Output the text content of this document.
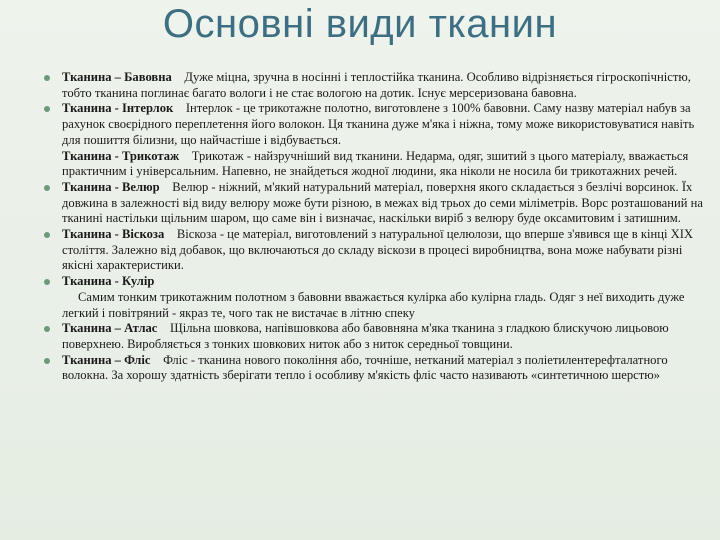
Основні види тканин

Тканина – Бавовна    Дуже міцна, зручна в носінні і теплостійка тканина. Особливо відрізняється гігроскопічністю, тобто тканина поглинає багато вологи і не стає вологою на дотик. Існує мерсеризована бавовна.

Тканина - Інтерлок    Інтерлок - це трикотажне полотно, виготовлене з 100% бавовни. Саму назву матеріал набув за рахунок своєрідного переплетення його волокон. Ця тканина дуже м'яка і ніжна, тому може використовуватися навіть для пошиття білизни, що найчастіше і відбувається.

Тканина - Трикотаж    Трикотаж - найзручніший вид тканини. Недарма, одяг, зшитий з цього матеріалу, вважається практичним і універсальним. Напевно, не знайдеться жодної людини, яка ніколи не носила би трикотажних речей.

Тканина - Велюр    Велюр - ніжний, м'який натуральний матеріал, поверхня якого складається з безлічі ворсинок. Їх довжина в залежності від виду велюру може бути різною, в межах від трьох до семи міліметрів. Ворс розташований на тканині настільки щільним шаром, що саме він і визначає, наскільки виріб з велюру буде оксамитовим і затишним.

Тканина - Віскоза    Віскоза - це матеріал, виготовлений з натуральної целюлози, що вперше з'явився ще в кінці XIX століття. Залежно від добавок, що включаються до складу віскози в процесі виробництва, вона може набувати різні якісні характеристики.

Тканина - Кулір
Самим тонким трикотажним полотном з бавовни вважається кулірка або кулірна гладь. Одяг з неї виходить дуже легкий і повітряний - якраз те, чого так не вистачає в літню спеку

Тканина – Атлас    Щільна шовкова, напівшовкова або бавовняна м'яка тканина з гладкою блискучою лицьовою поверхнею. Виробляється з тонких шовкових ниток або з ниток середньої товщини.

Тканина – Фліс    Фліс - тканина нового покоління або, точніше, нетканий матеріал з поліетилентерефталатного волокна. За хорошу здатність зберігати тепло і особливу м'якість фліс часто називають «синтетичною шерстю»
